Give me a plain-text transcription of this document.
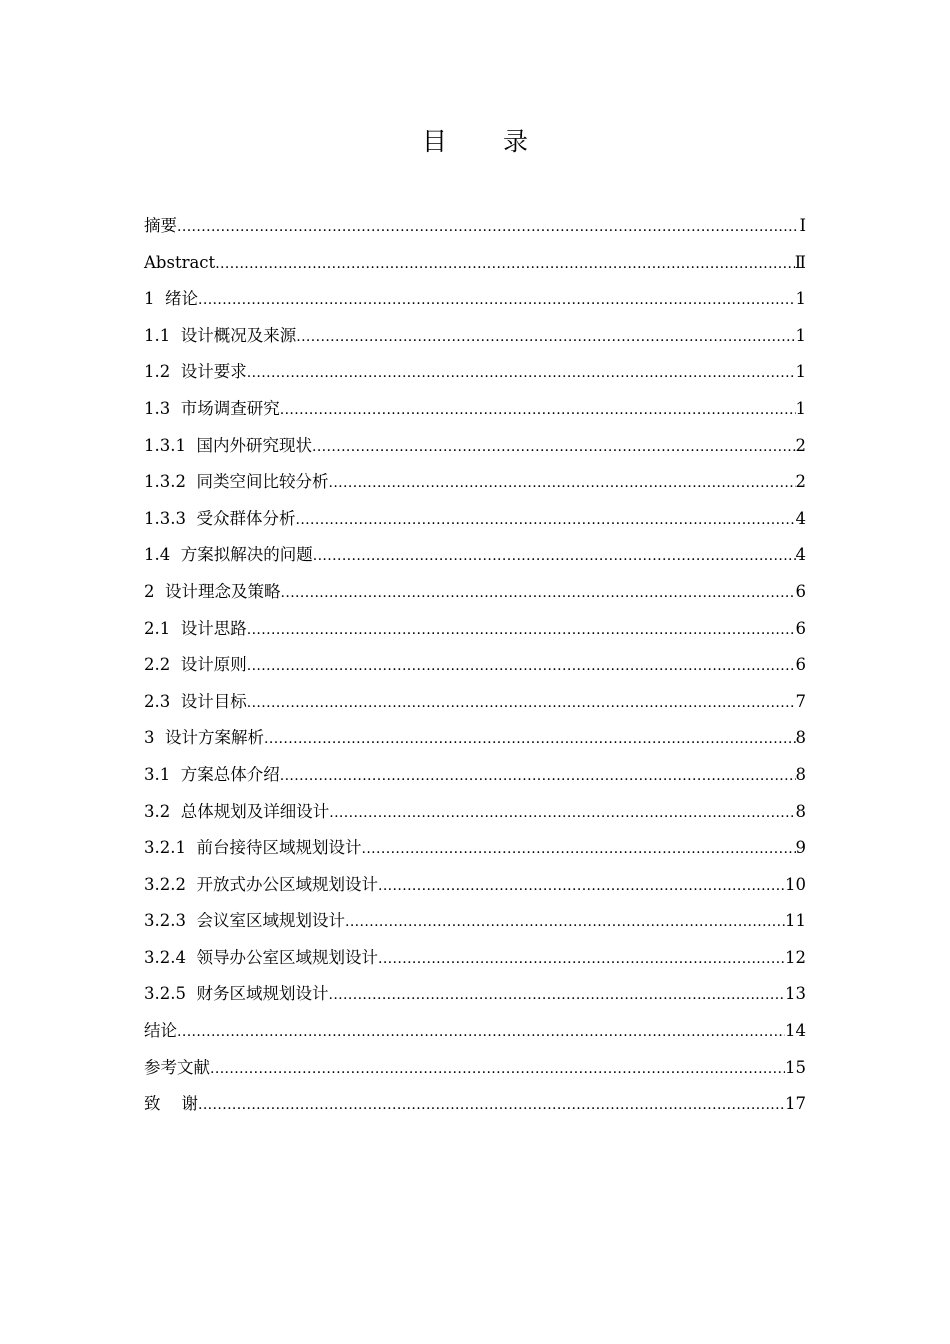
目 录
摘要 .....	Ⅰ
Abstract .....	Ⅱ
1  绪论 .....	1
1.1  设计概况及来源 .....	1
1.2  设计要求 .....	1
1.3  市场调查研究 .....	1
1.3.1  国内外研究现状 .....	2
1.3.2  同类空间比较分析 .....	2
1.3.3  受众群体分析 .....	4
1.4  方案拟解决的问题 .....	4
2  设计理念及策略 .....	6
2.1  设计思路 .....	6
2.2  设计原则 .....	6
2.3  设计目标 .....	7
3  设计方案解析 .....	8
3.1  方案总体介绍 .....	8
3.2  总体规划及详细设计 .....	8
3.2.1  前台接待区域规划设计 .....	9
3.2.2  开放式办公区域规划设计 .....	10
3.2.3  会议室区域规划设计 .....	11
3.2.4  领导办公室区域规划设计 .....	12
3.2.5  财务区域规划设计 .....	13
结论 .....	14
参考文献 .....	15
致    谢 .....	17
